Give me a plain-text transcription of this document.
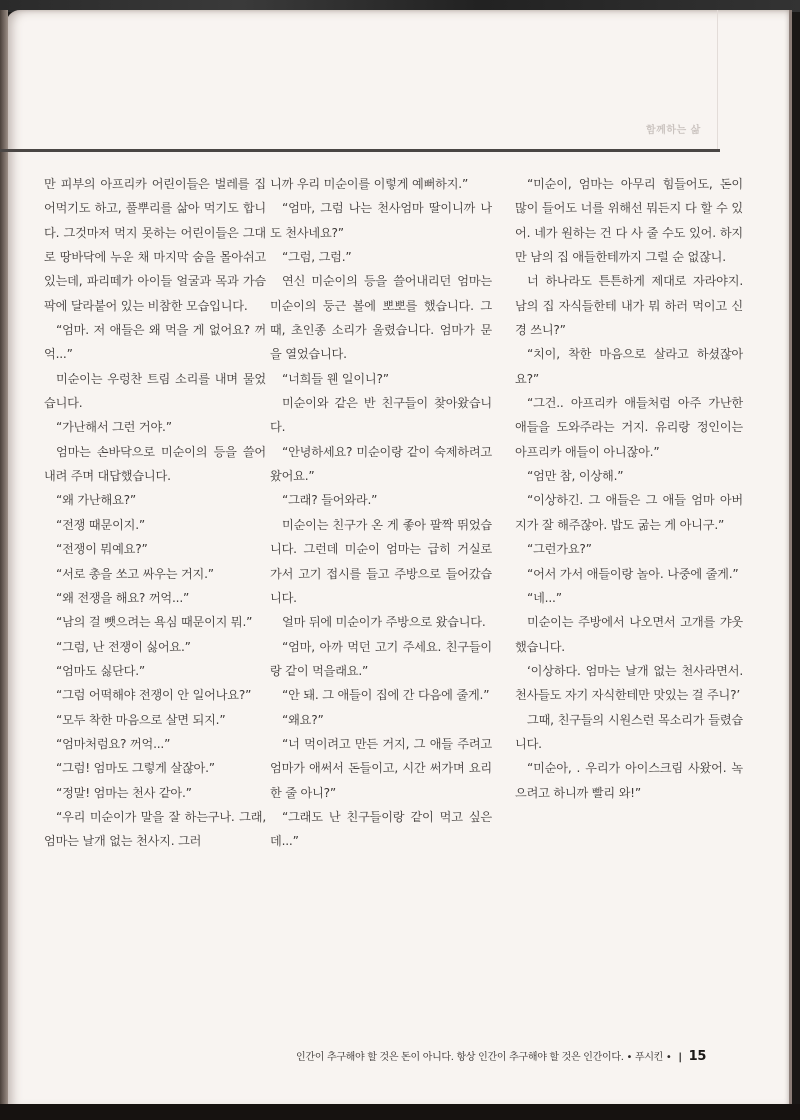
함께하는 삶

만 피부의 아프리카 어린이들은 벌레를 집어먹기도 하고, 풀뿌리를 삶아 먹기도 합니다. 그것마저 먹지 못하는 어린이들은 그대로 땅바닥에 누운 채 마지막 숨을 몰아쉬고 있는데, 파리떼가 아이들 얼굴과 목과 가슴팍에 달라붙어 있는 비참한 모습입니다.

“엄마. 저 애들은 왜 먹을 게 없어요? 꺼억...”

미순이는 우렁찬 트림 소리를 내며 물었습니다.

“가난해서 그런 거야.”

엄마는 손바닥으로 미순이의 등을 쓸어내려 주며 대답했습니다.

“왜 가난해요?”

“전쟁 때문이지.”

“전쟁이 뭐예요?”

“서로 총을 쏘고 싸우는 거지.”

“왜 전쟁을 해요? 꺼억...”

“남의 걸 뺏으려는 욕심 때문이지 뭐.”

“그럼, 난 전쟁이 싫어요.”

“엄마도 싫단다.”

“그럼 어떡해야 전쟁이 안 일어나요?”

“모두 착한 마음으로 살면 되지.”

“엄마처럼요? 꺼억...”

“그럼! 엄마도 그렇게 살잖아.”

“정말! 엄마는 천사 같아.”

“우리 미순이가 말을 잘 하는구나. 그래, 엄마는 날개 없는 천사지. 그러

니까 우리 미순이를 이렇게 예뻐하지.”

“엄마, 그럼 나는 천사엄마 딸이니까 나도 천사네요?”

“그럼, 그럼.”

연신 미순이의 등을 쓸어내리던 엄마는 미순이의 둥근 볼에 뽀뽀를 했습니다. 그 때, 초인종 소리가 울렸습니다. 엄마가 문을 열었습니다.

“너희들 웬 일이니?”

미순이와 같은 반 친구들이 찾아왔습니다.

“안녕하세요? 미순이랑 같이 숙제하려고 왔어요.”

“그래? 들어와라.”

미순이는 친구가 온 게 좋아 팔짝 뛰었습니다. 그런데 미순이 엄마는 급히 거실로 가서 고기 접시를 들고 주방으로 들어갔습니다.

얼마 뒤에 미순이가 주방으로 왔습니다.

“엄마, 아까 먹던 고기 주세요. 친구들이랑 같이 먹을래요.”

“안 돼. 그 애들이 집에 간 다음에 줄게.”

“왜요?”

“너 먹이려고 만든 거지, 그 애들 주려고 엄마가 애써서 돈들이고, 시간 써가며 요리한 줄 아니?”

“그래도 난 친구들이랑 같이 먹고 싶은데...”

“미순이, 엄마는 아무리 힘들어도, 돈이 많이 들어도 너를 위해선 뭐든지 다 할 수 있어. 네가 원하는 건 다 사 줄 수도 있어. 하지만 남의 집 애들한테까지 그럴 순 없잖니.

너 하나라도 튼튼하게 제대로 자라야지. 남의 집 자식들한테 내가 뭐 하러 먹이고 신경 쓰니?”

“치이, 착한 마음으로 살라고 하셨잖아요?”

“그건.. 아프리카 애들처럼 아주 가난한 애들을 도와주라는 거지. 유리랑 정인이는 아프리카 애들이 아니잖아.”

“엄만 참, 이상해.”

“이상하긴. 그 애들은 그 애들 엄마 아버지가 잘 해주잖아. 밥도 굶는 게 아니구.”

“그런가요?”

“어서 가서 애들이랑 놀아. 나중에 줄게.”

“네...”

미순이는 주방에서 나오면서 고개를 갸웃했습니다.

‘이상하다. 엄마는 날개 없는 천사라면서. 천사들도 자기 자식한테만 맛있는 걸 주니?’

그때, 친구들의 시원스런 목소리가 들렸습니다.

“미순아, . 우리가 아이스크림 사왔어. 녹으려고 하니까 빨리 와!”

인간이 추구해야 할 것은 돈이 아니다. 항상 인간이 추구해야 할 것은 인간이다. • 푸시킨 • | 15
